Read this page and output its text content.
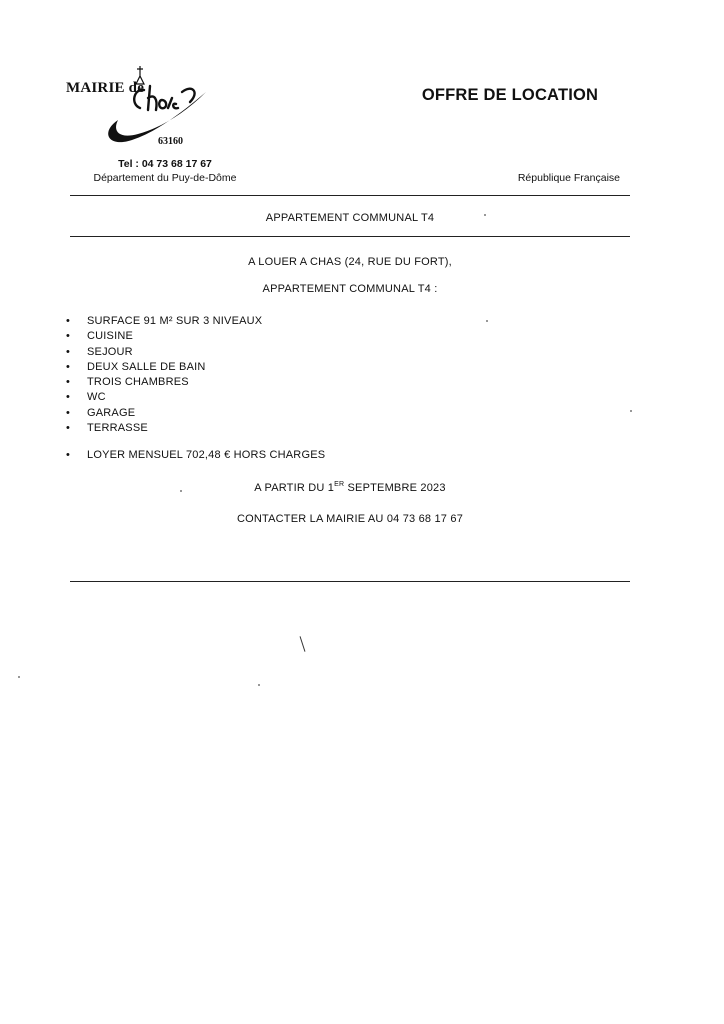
MAIRIE de
63160
Tel : 04 73 68 17 67
Département du Puy-de-Dôme
OFFRE DE LOCATION
République Française
APPARTEMENT COMMUNAL T4
A LOUER A CHAS (24, RUE DU FORT),
APPARTEMENT COMMUNAL T4 :
• SURFACE 91 M² SUR 3 NIVEAUX
• CUISINE
• SEJOUR
• DEUX SALLE DE BAIN
• TROIS CHAMBRES
• WC
• GARAGE
• TERRASSE
• LOYER MENSUEL 702,48 € HORS CHARGES
A PARTIR DU 1ER SEPTEMBRE 2023
CONTACTER LA MAIRIE AU 04 73 68 17 67
